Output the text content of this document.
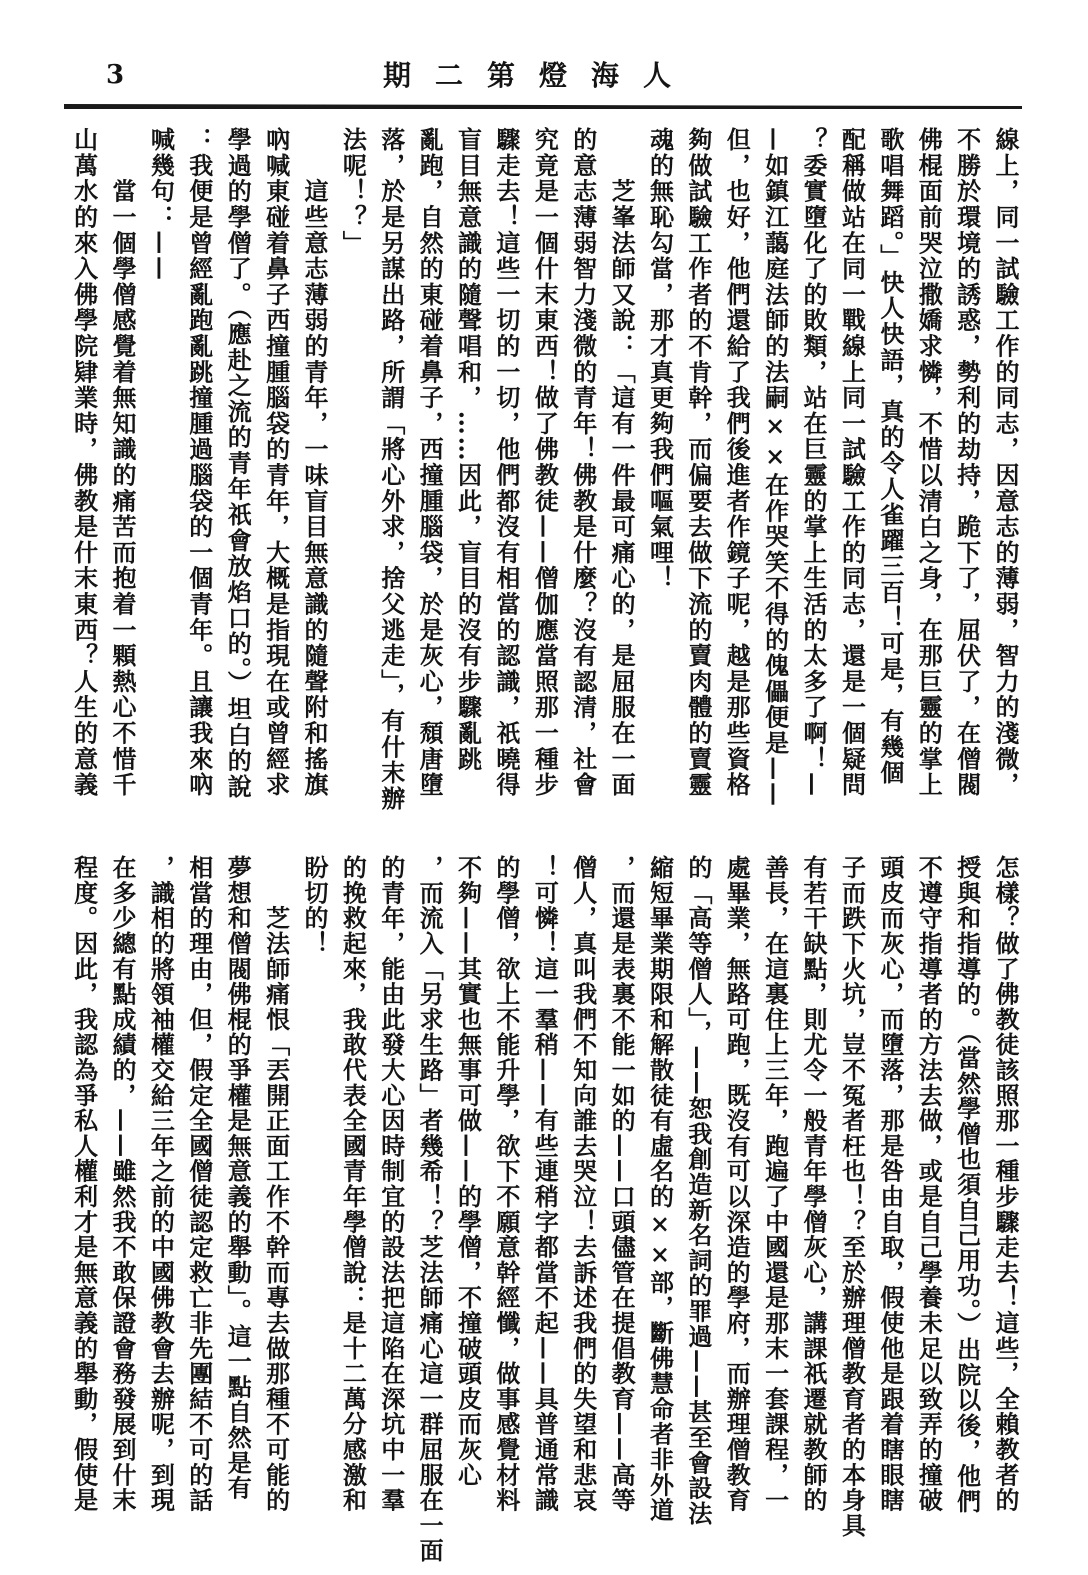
3	人海燈第二期
線上，同一試驗工作的同志，因意志的薄弱，智力的淺微，
不勝於環境的誘惑，勢利的劫持，跪下了，屈伏了，在僧閥
佛棍面前哭泣撒嬌求憐，不惜以清白之身，在那巨靈的掌上
歌唱舞蹈。」快人快語，真的令人雀躍三百！可是，有幾個
配稱做站在同一戰線上同一試驗工作的同志，還是一個疑問
？委實墮化了的敗類，站在巨靈的掌上生活的太多了啊！—
—如鎮江藹庭法師的法嗣××在作哭笑不得的傀儡便是——
但，也好，他們還給了我們後進者作鏡子呢，越是那些資格
夠做試驗工作者的不肯幹，而偏要去做下流的賣肉體的賣靈
魂的無恥勾當，那才真更夠我們嘔氣哩！
　　芝峯法師又說：「這有一件最可痛心的，是屈服在一面
的意志薄弱智力淺微的青年！佛教是什麼？沒有認清，社會
究竟是一個什末東西！做了佛教徒——僧伽應當照那一種步
驟走去！這些一切的一切，他們都沒有相當的認識，祇曉得
盲目無意識的隨聲唱和，……因此，盲目的沒有步驟亂跳
亂跑，自然的東碰着鼻子，西撞腫腦袋，於是灰心，頹唐墮
落，於是另謀出路，所謂「將心外求，捨父逃走」，有什末辦
法呢！？」
　　這些意志薄弱的青年，一味盲目無意識的隨聲附和搖旗
吶喊東碰着鼻子西撞腫腦袋的青年，大概是指現在或曾經求
學過的學僧了。（應赴之流的青年祇會放焰口的。）坦白的說
：我便是曾經亂跑亂跳撞腫過腦袋的一個青年。且讓我來吶
喊幾句：——
　　當一個學僧感覺着無知識的痛苦而抱着一顆熱心不惜千
山萬水的來入佛學院肄業時，佛教是什末東西？人生的意義
怎樣？做了佛教徒該照那一種步驟走去！這些，全賴教者的
授與和指導的。（當然學僧也須自己用功。）出院以後，他們
不遵守指導者的方法去做，或是自己學養未足以致弄的撞破
頭皮而灰心，而墮落，那是咎由自取，假使他是跟着瞎眼瞎
子而跌下火坑，豈不冤者枉也！？至於辦理僧教育者的本身具
有若干缺點，則尤令一般青年學僧灰心，講課祇遷就教師的
善長，在這裏住上三年，跑遍了中國還是那末一套課程，一
處畢業，無路可跑，既沒有可以深造的學府，而辦理僧教育
的「高等僧人」，——恕我創造新名詞的罪過——甚至會設法
縮短畢業期限和解散徒有虛名的××部，斷佛慧命者非外道
，而還是表裏不能一如的——口頭儘管在提倡教育——高等
僧人，真叫我們不知向誰去哭泣！去訴述我們的失望和悲哀
！可憐！這一羣稍——有些連稍字都當不起——具普通常識
的學僧，欲上不能升學，欲下不願意幹經懺，做事感覺材料
不夠——其實也無事可做——的學僧，不撞破頭皮而灰心
，而流入「另求生路」者幾希！？芝法師痛心這一群屈服在一面
的青年，能由此發大心因時制宜的設法把這陷在深坑中一羣
的挽救起來，我敢代表全國青年學僧說：是十二萬分感激和
盼切的！
　　芝法師痛恨「丟開正面工作不幹而專去做那種不可能的
夢想和僧閥佛棍的爭權是無意義的舉動」。這一點自然是有
相當的理由，但，假定全國僧徒認定救亡非先團結不可的話
，識相的將領袖權交給三年之前的中國佛教會去辦呢，到現
在多少總有點成績的，——雖然我不敢保證會務發展到什末
程度。因此，我認為爭私人權利才是無意義的舉動，假使是
